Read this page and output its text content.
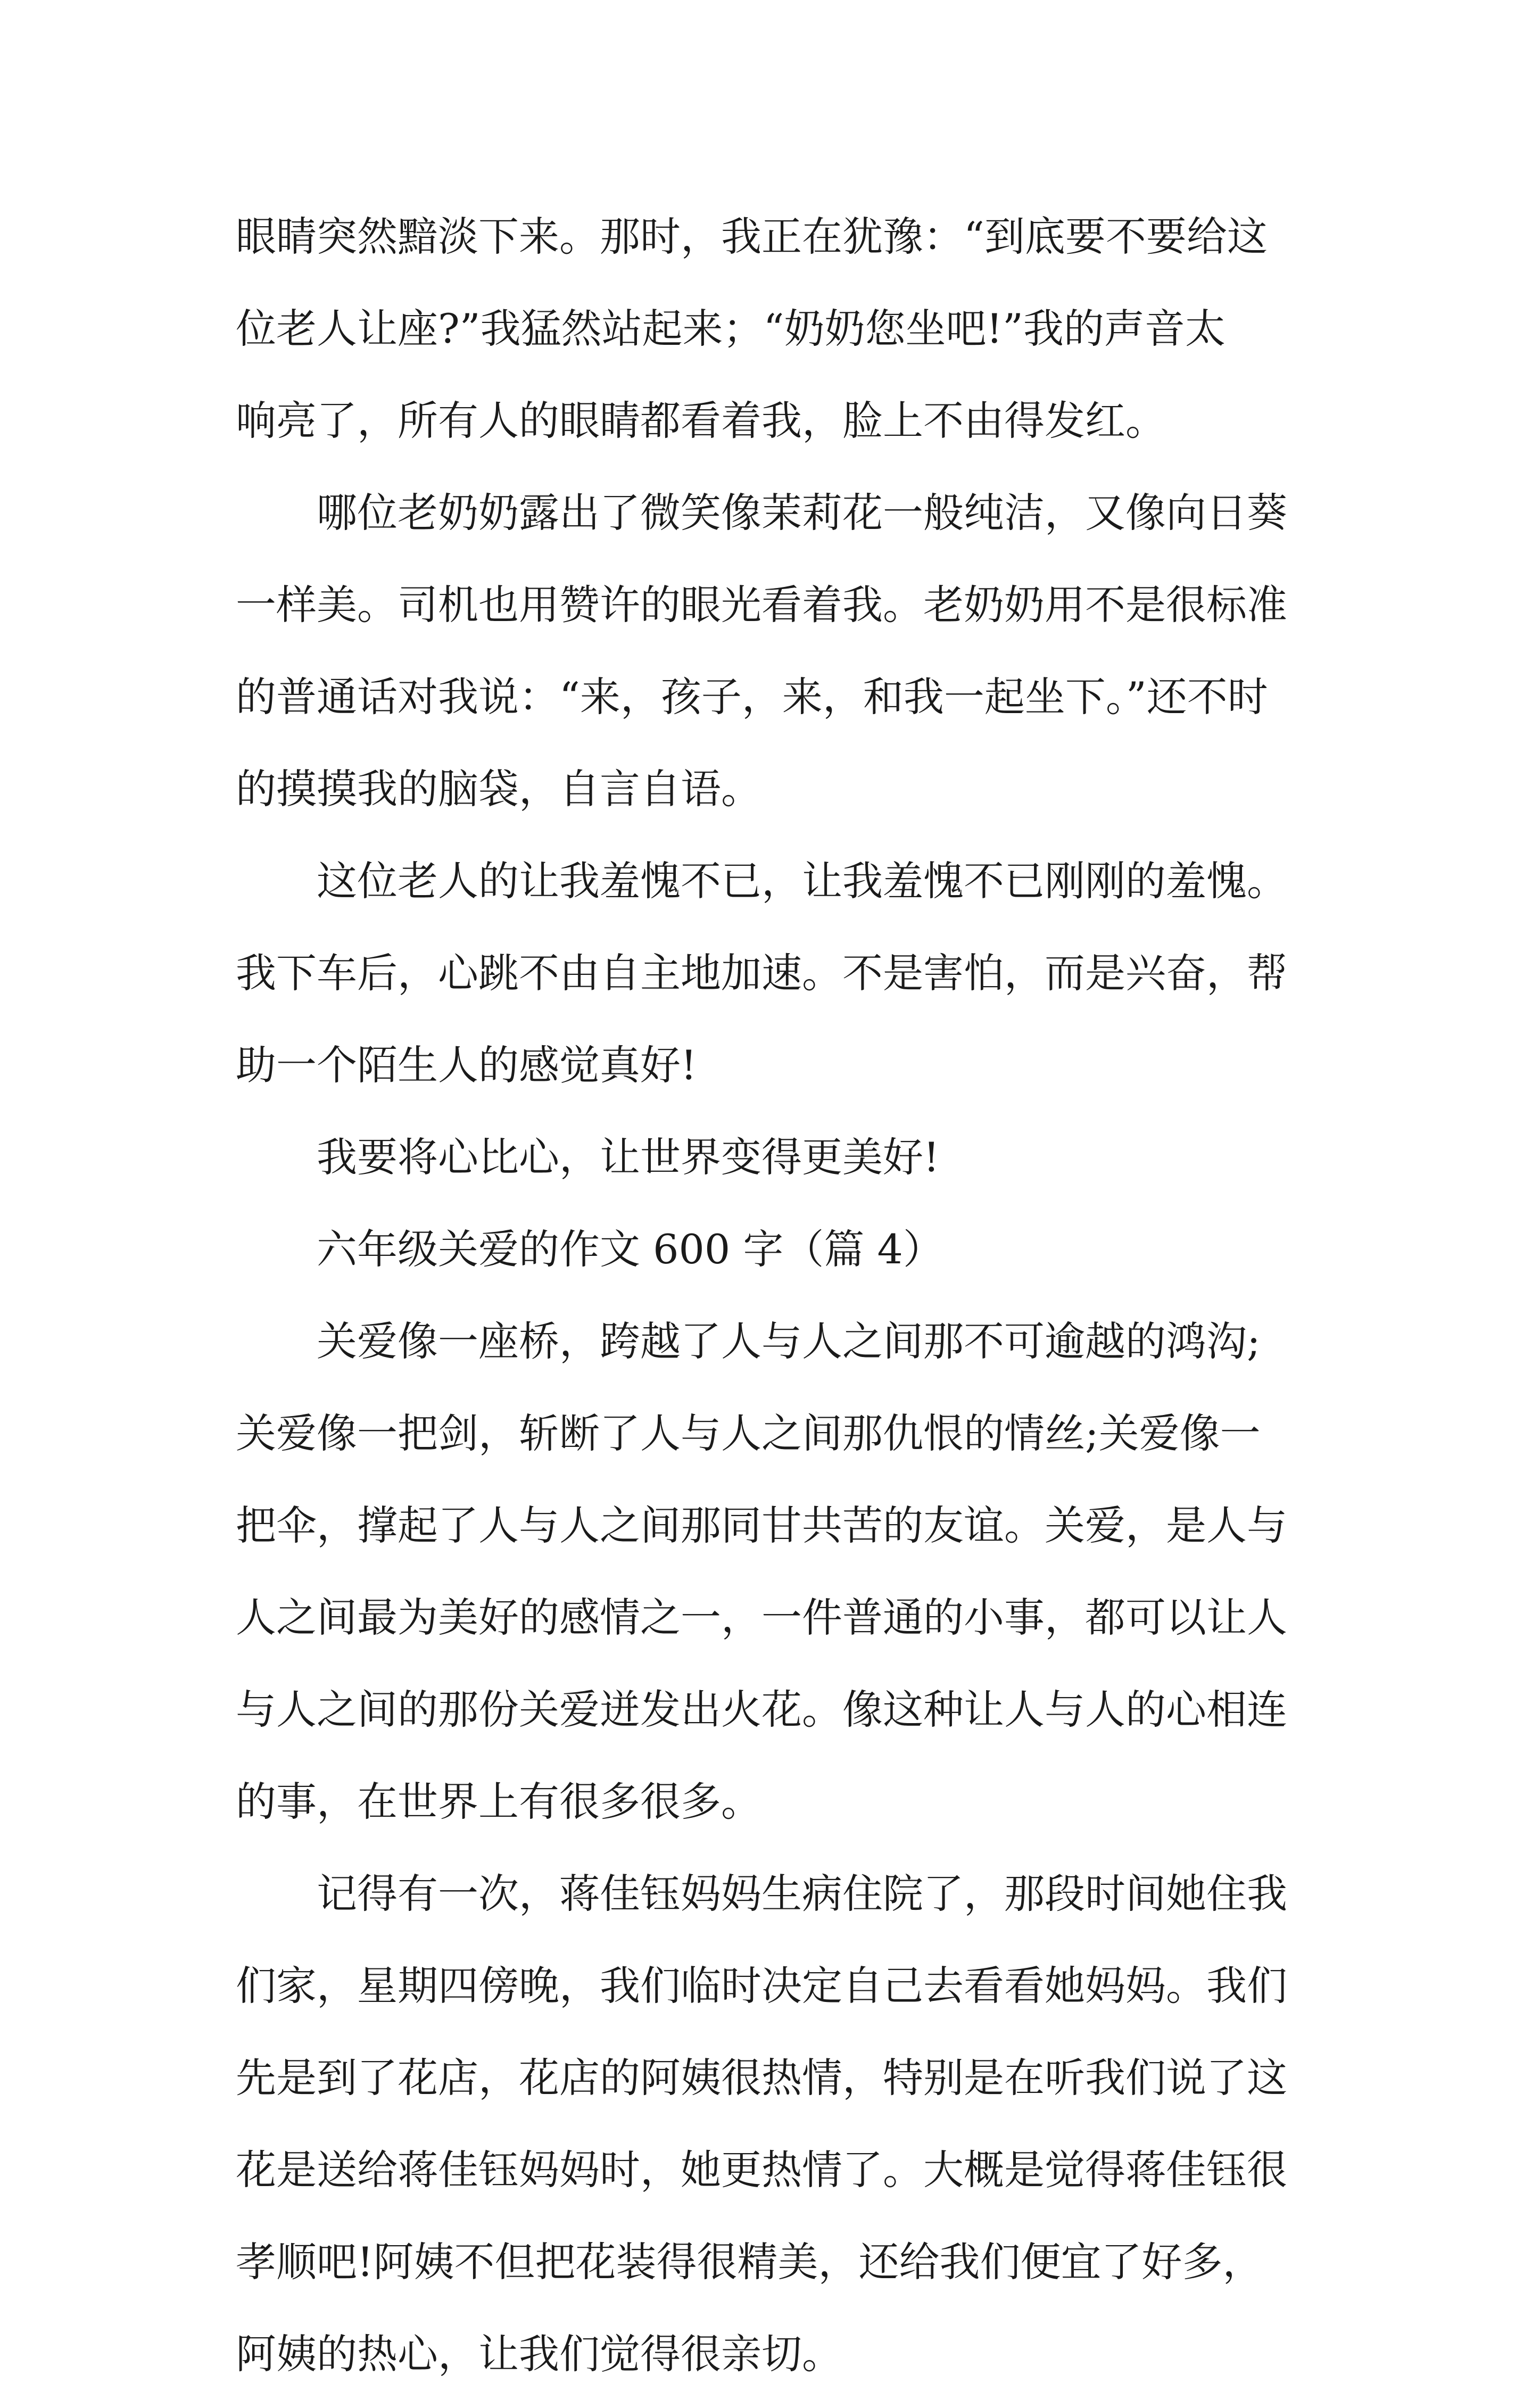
眼睛突然黯淡下来。那时，我正在犹豫：“到底要不要给这
位老人让座?”我猛然站起来；“奶奶您坐吧!”我的声音太
响亮了，所有人的眼睛都看着我，脸上不由得发红。

哪位老奶奶露出了微笑像茉莉花一般纯洁，又像向日葵
一样美。司机也用赞许的眼光看着我。老奶奶用不是很标准
的普通话对我说：“来，孩子，来，和我一起坐下。”还不时
的摸摸我的脑袋，自言自语。

这位老人的让我羞愧不已，让我羞愧不已刚刚的羞愧。
我下车后，心跳不由自主地加速。不是害怕，而是兴奋，帮
助一个陌生人的感觉真好!

我要将心比心，让世界变得更美好!

六年级关爱的作文 600 字（篇 4）

关爱像一座桥，跨越了人与人之间那不可逾越的鸿沟;
关爱像一把剑，斩断了人与人之间那仇恨的情丝;关爱像一
把伞，撑起了人与人之间那同甘共苦的友谊。关爱，是人与
人之间最为美好的感情之一，一件普通的小事，都可以让人
与人之间的那份关爱迸发出火花。像这种让人与人的心相连
的事，在世界上有很多很多。

记得有一次，蒋佳钰妈妈生病住院了，那段时间她住我
们家，星期四傍晚，我们临时决定自己去看看她妈妈。我们
先是到了花店，花店的阿姨很热情，特别是在听我们说了这
花是送给蒋佳钰妈妈时，她更热情了。大概是觉得蒋佳钰很
孝顺吧!阿姨不但把花装得很精美，还给我们便宜了好多，
阿姨的热心，让我们觉得很亲切。
